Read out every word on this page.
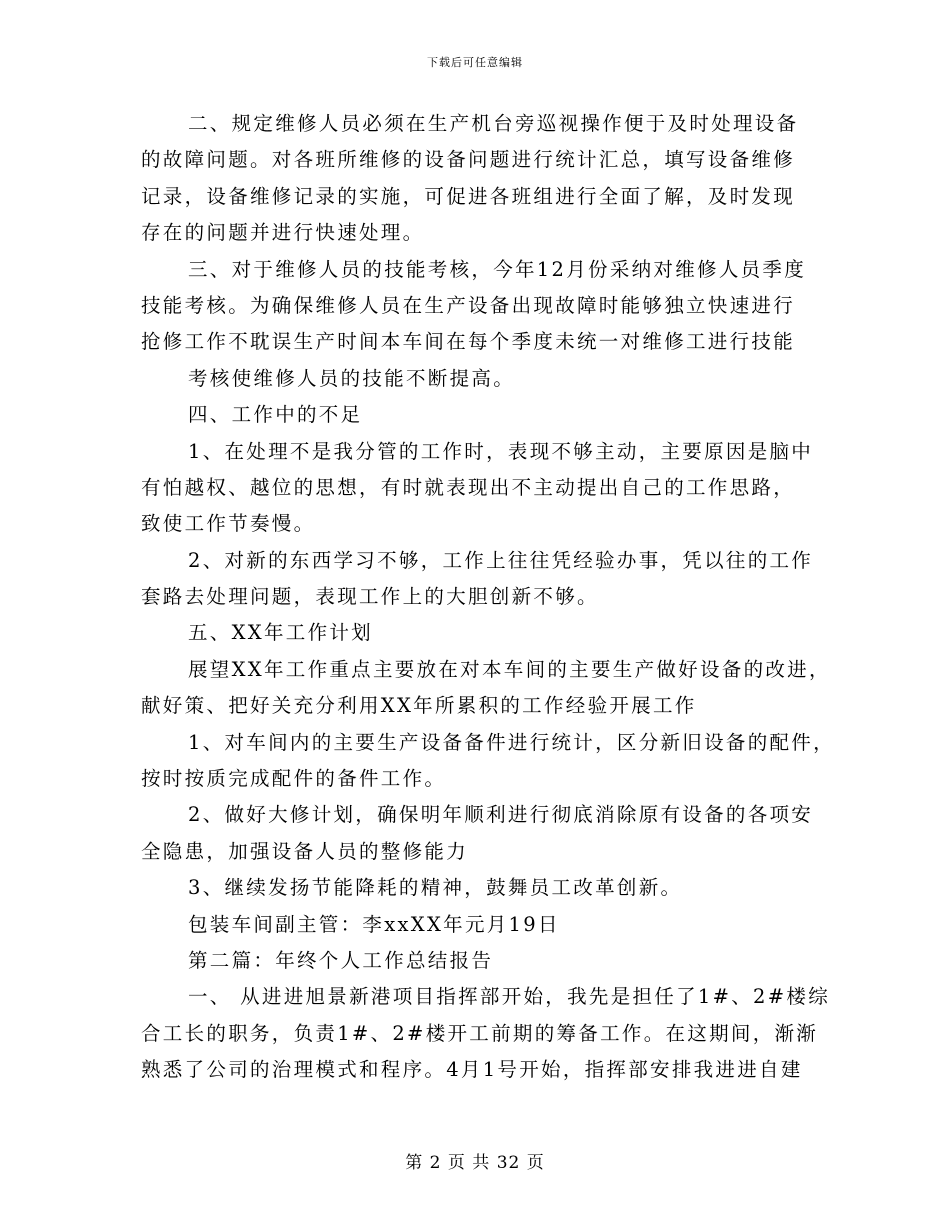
下载后可任意编辑
二、规定维修人员必须在生产机台旁巡视操作便于及时处理设备
的故障问题。对各班所维修的设备问题进行统计汇总，填写设备维修
记录，设备维修记录的实施，可促进各班组进行全面了解，及时发现
存在的问题并进行快速处理。
三、对于维修人员的技能考核，今年12月份采纳对维修人员季度
技能考核。为确保维修人员在生产设备出现故障时能够独立快速进行
抢修工作不耽误生产时间本车间在每个季度未统一对维修工进行技能
考核使维修人员的技能不断提高。
四、工作中的不足
1、在处理不是我分管的工作时，表现不够主动，主要原因是脑中
有怕越权、越位的思想，有时就表现出不主动提出自己的工作思路，
致使工作节奏慢。
2、对新的东西学习不够，工作上往往凭经验办事，凭以往的工作
套路去处理问题，表现工作上的大胆创新不够。
五、XX年工作计划
展望XX年工作重点主要放在对本车间的主要生产做好设备的改进，
献好策、把好关充分利用XX年所累积的工作经验开展工作
1、对车间内的主要生产设备备件进行统计，区分新旧设备的配件，
按时按质完成配件的备件工作。
2、做好大修计划，确保明年顺利进行彻底消除原有设备的各项安
全隐患，加强设备人员的整修能力
3、继续发扬节能降耗的精神，鼓舞员工改革创新。
包装车间副主管：李xxXX年元月19日
第二篇：年终个人工作总结报告
一、 从进进旭景新港项目指挥部开始，我先是担任了1#、2#楼综
合工长的职务，负责1#、2#楼开工前期的筹备工作。在这期间，渐渐
熟悉了公司的治理模式和程序。4月1号开始，指挥部安排我进进自建
第 2 页 共 32 页
